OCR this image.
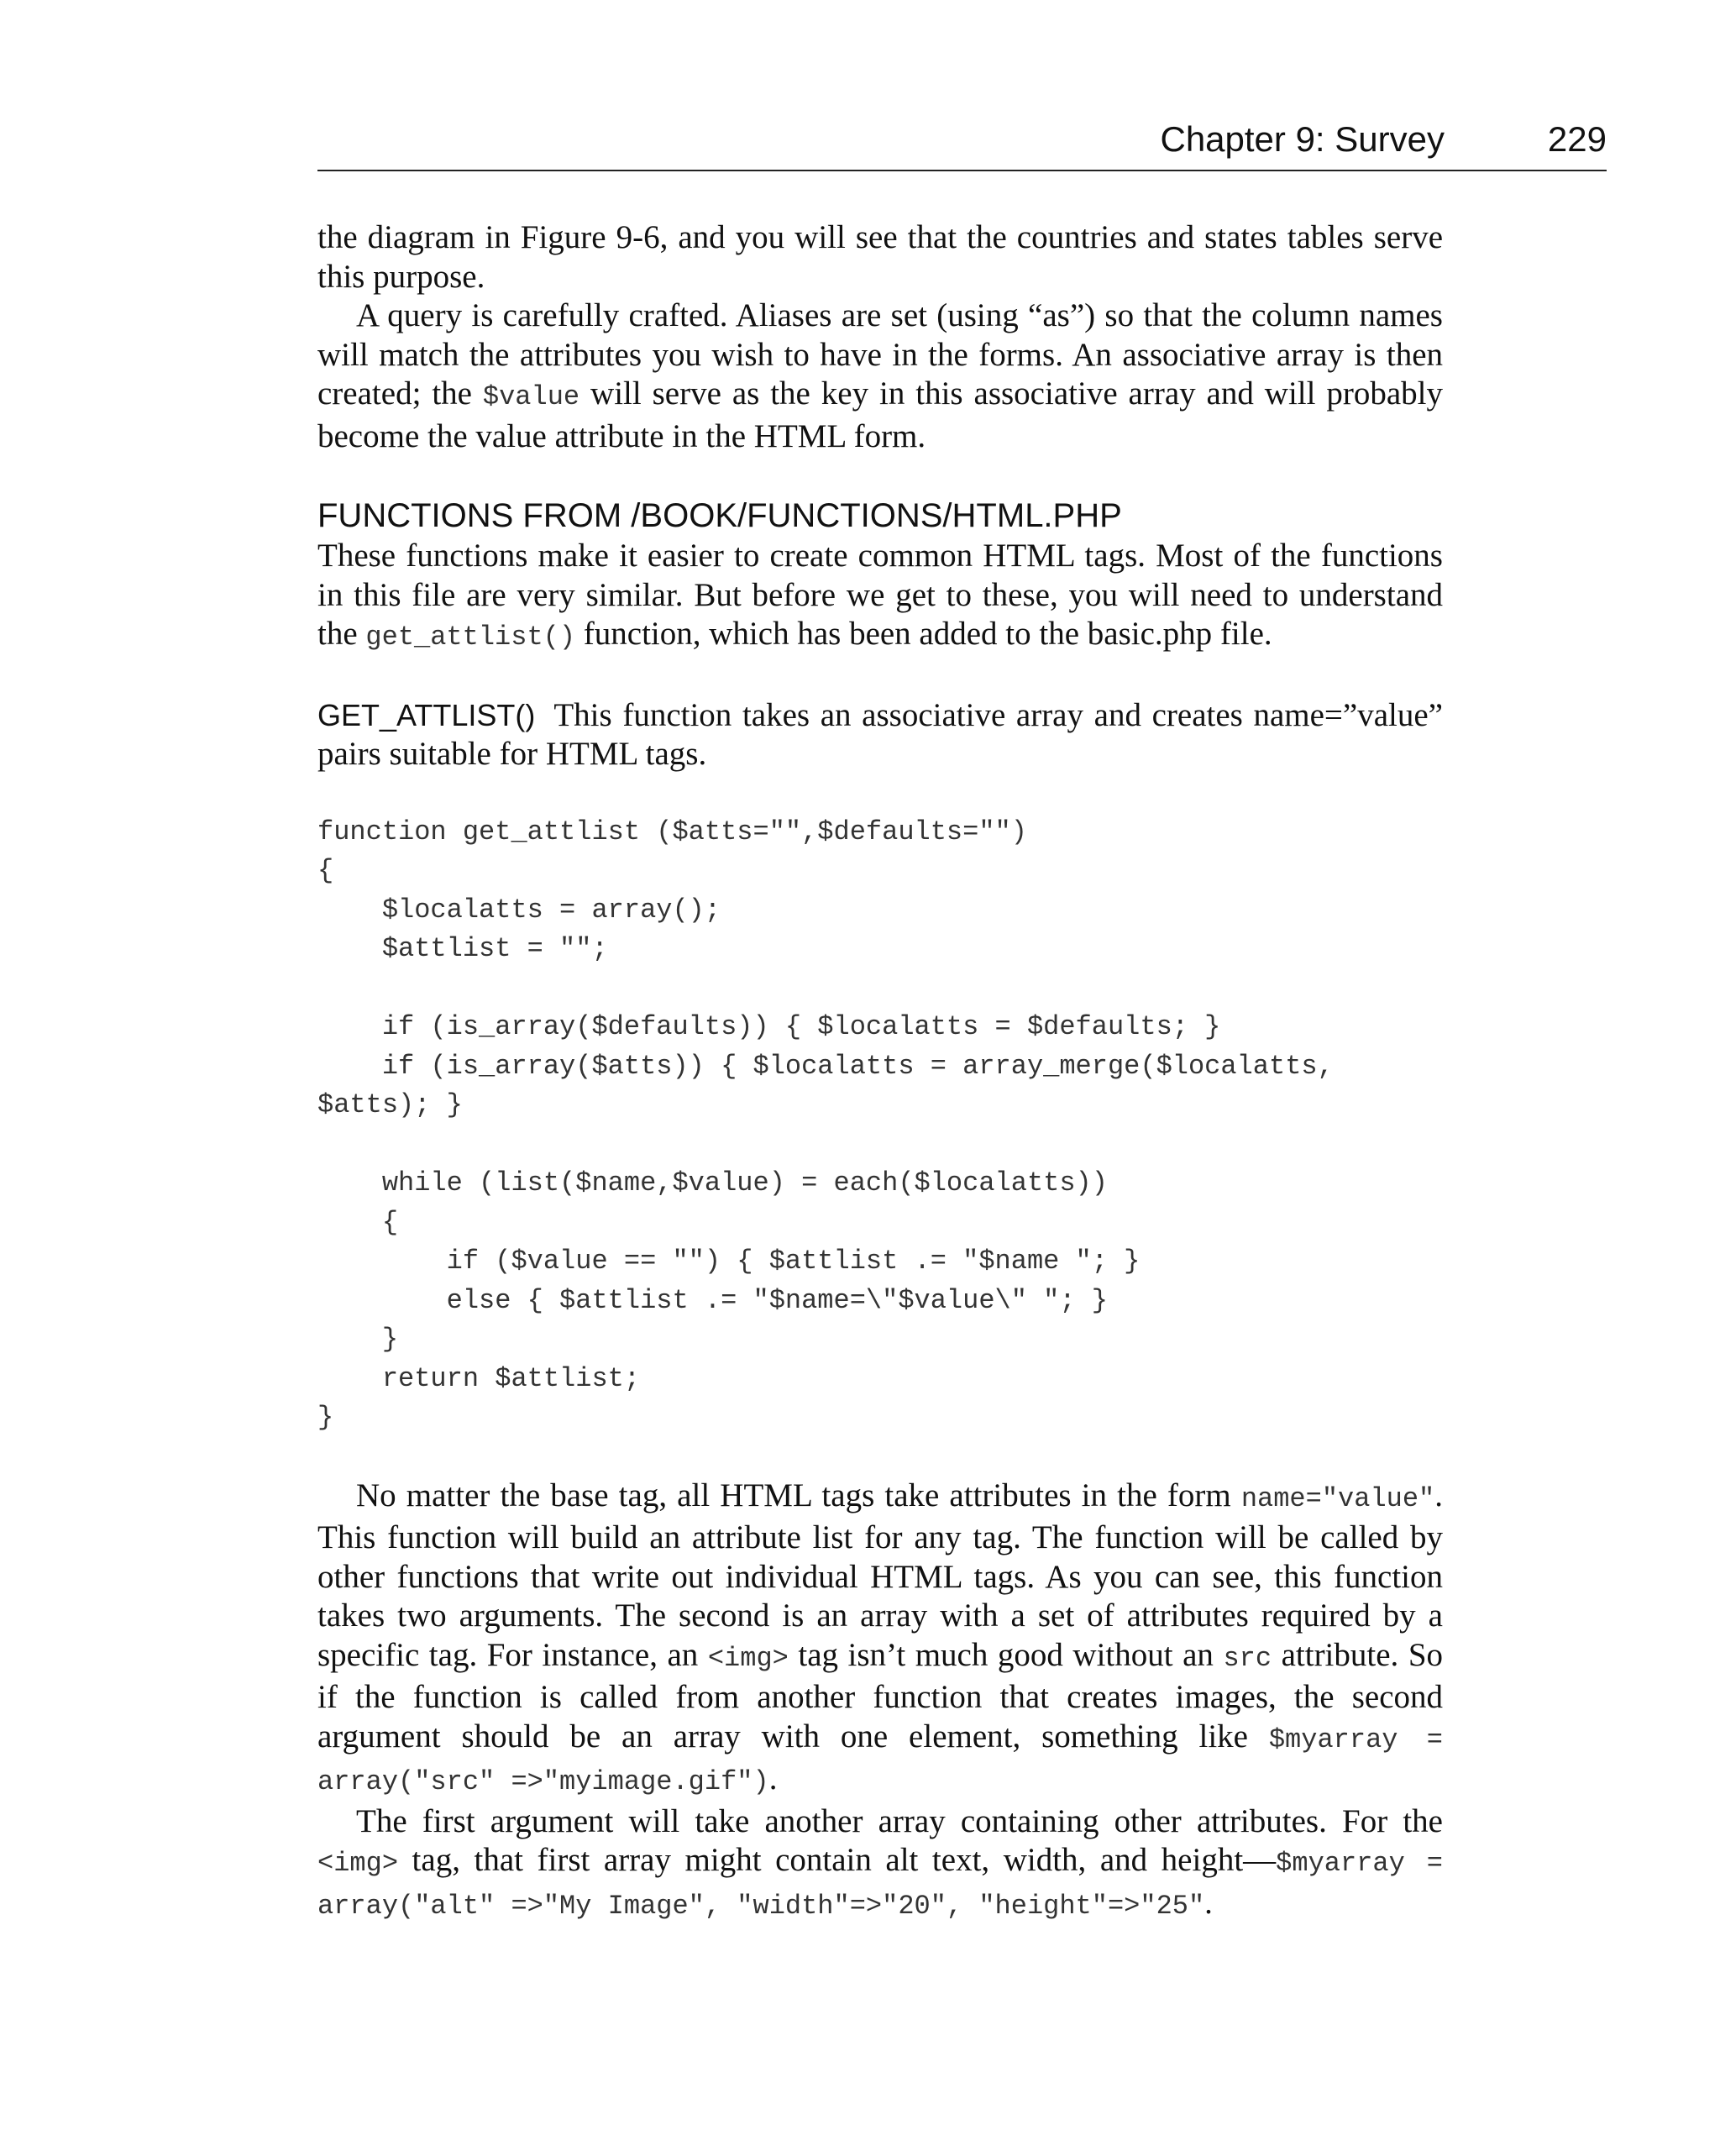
Chapter 9: Survey	229

the diagram in Figure 9-6, and you will see that the countries and states tables serve this purpose.

A query is carefully crafted. Aliases are set (using “as”) so that the column names will match the attributes you wish to have in the forms. An associative array is then created; the $value will serve as the key in this associative array and will probably become the value attribute in the HTML form.

FUNCTIONS FROM /BOOK/FUNCTIONS/HTML.PHP

These functions make it easier to create common HTML tags. Most of the functions in this file are very similar. But before we get to these, you will need to understand the get_attlist() function, which has been added to the basic.php file.

GET_ATTLIST() This function takes an associative array and creates name=”value” pairs suitable for HTML tags.

function get_attlist ($atts="",$defaults="")
{
$localatts = array();
$attlist = "";

if (is_array($defaults)) { $localatts = $defaults; }
if (is_array($atts)) { $localatts = array_merge($localatts,
$atts); }

while (list($name,$value) = each($localatts))
{
if ($value == "") { $attlist .= "$name "; }
else { $attlist .= "$name=\"$value\" "; }
}
return $attlist;
}

No matter the base tag, all HTML tags take attributes in the form name="value". This function will build an attribute list for any tag. The function will be called by other functions that write out individual HTML tags. As you can see, this function takes two arguments. The second is an array with a set of attributes required by a specific tag. For instance, an <img> tag isn’t much good without an src attribute. So if the function is called from another function that creates images, the second argument should be an array with one element, something like $myarray = array("src" =>"myimage.gif").

The first argument will take another array containing other attributes. For the <img> tag, that first array might contain alt text, width, and height—$myarray = array("alt" =>"My Image", "width"=>"20", "height"=>"25".
